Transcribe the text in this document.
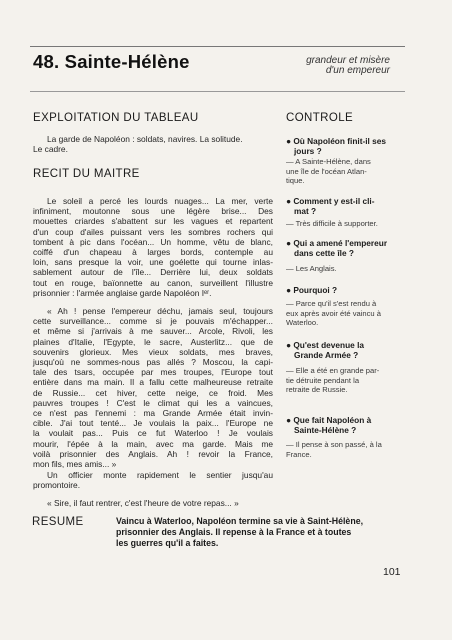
48. Sainte-Hélène	grandeur et misère
d'un empereur
EXPLOITATION DU TABLEAU
La garde de Napoléon : soldats, navires. La solitude.
Le cadre.
RECIT DU MAITRE
Le soleil a percé les lourds nuages... La mer, verte
infiniment, moutonne sous une légère brise... Des
mouettes criardes s'abattent sur les vagues et repartent
d'un coup d'ailes puissant vers les sombres rochers qui
tombent à pic dans l'océan... Un homme, vêtu de blanc,
coiffé d'un chapeau à larges bords, contemple au
loin, sans presque la voir, une goélette qui tourne inlas-
sablement autour de l'île... Derrière lui, deux soldats
tout en rouge, baïonnette au canon, surveillent l'illustre
prisonnier : l'armée anglaise garde Napoléon Iᵉʳ.
« Ah ! pense l'empereur déchu, jamais seul, toujours
cette surveillance... comme si je pouvais m'échapper...
et même si j'arrivais à me sauver... Arcole, Rivoli, les
plaines d'Italie, l'Egypte, le sacre, Austerlitz... que de
souvenirs glorieux. Mes vieux soldats, mes braves,
jusqu'où ne sommes-nous pas allés ? Moscou, la capi-
tale des tsars, occupée par mes troupes, l'Europe tout
entière dans ma main. Il a fallu cette malheureuse retraite
de Russie... cet hiver, cette neige, ce froid. Mes
pauvres troupes ! C'est le climat qui les a vaincues,
ce n'est pas l'ennemi : ma Grande Armée était invin-
cible. J'ai tout tenté... Je voulais la paix... l'Europe ne
la voulait pas... Puis ce fut Waterloo ! Je voulais
mourir, l'épée à la main, avec ma garde. Mais me
voilà prisonnier des Anglais. Ah ! revoir la France,
mon fils, mes amis... »
Un officier monte rapidement le sentier jusqu'au
promontoire.
« Sire, il faut rentrer, c'est l'heure de votre repas... »
CONTROLE
● Où Napoléon finit-il ses
jours ?
— A Sainte-Hélène, dans
une île de l'océan Atlan-
tique.
● Comment y est-il cli-
mat ?
— Très difficile à supporter.
● Qui a amené l'empereur
dans cette île ?
— Les Anglais.
● Pourquoi ?
— Parce qu'il s'est rendu à
eux après avoir été vaincu à
Waterloo.
● Qu'est devenue la
Grande Armée ?
— Elle a été en grande par-
tie détruite pendant la
retraite de Russie.
● Que fait Napoléon à
Sainte-Hélène ?
— Il pense à son passé, à la
France.
RESUME	Vaincu à Waterloo, Napoléon termine sa vie à Saint-Hélène,
prisonnier des Anglais. Il repense à la France et à toutes
les guerres qu'il a faites.
101
